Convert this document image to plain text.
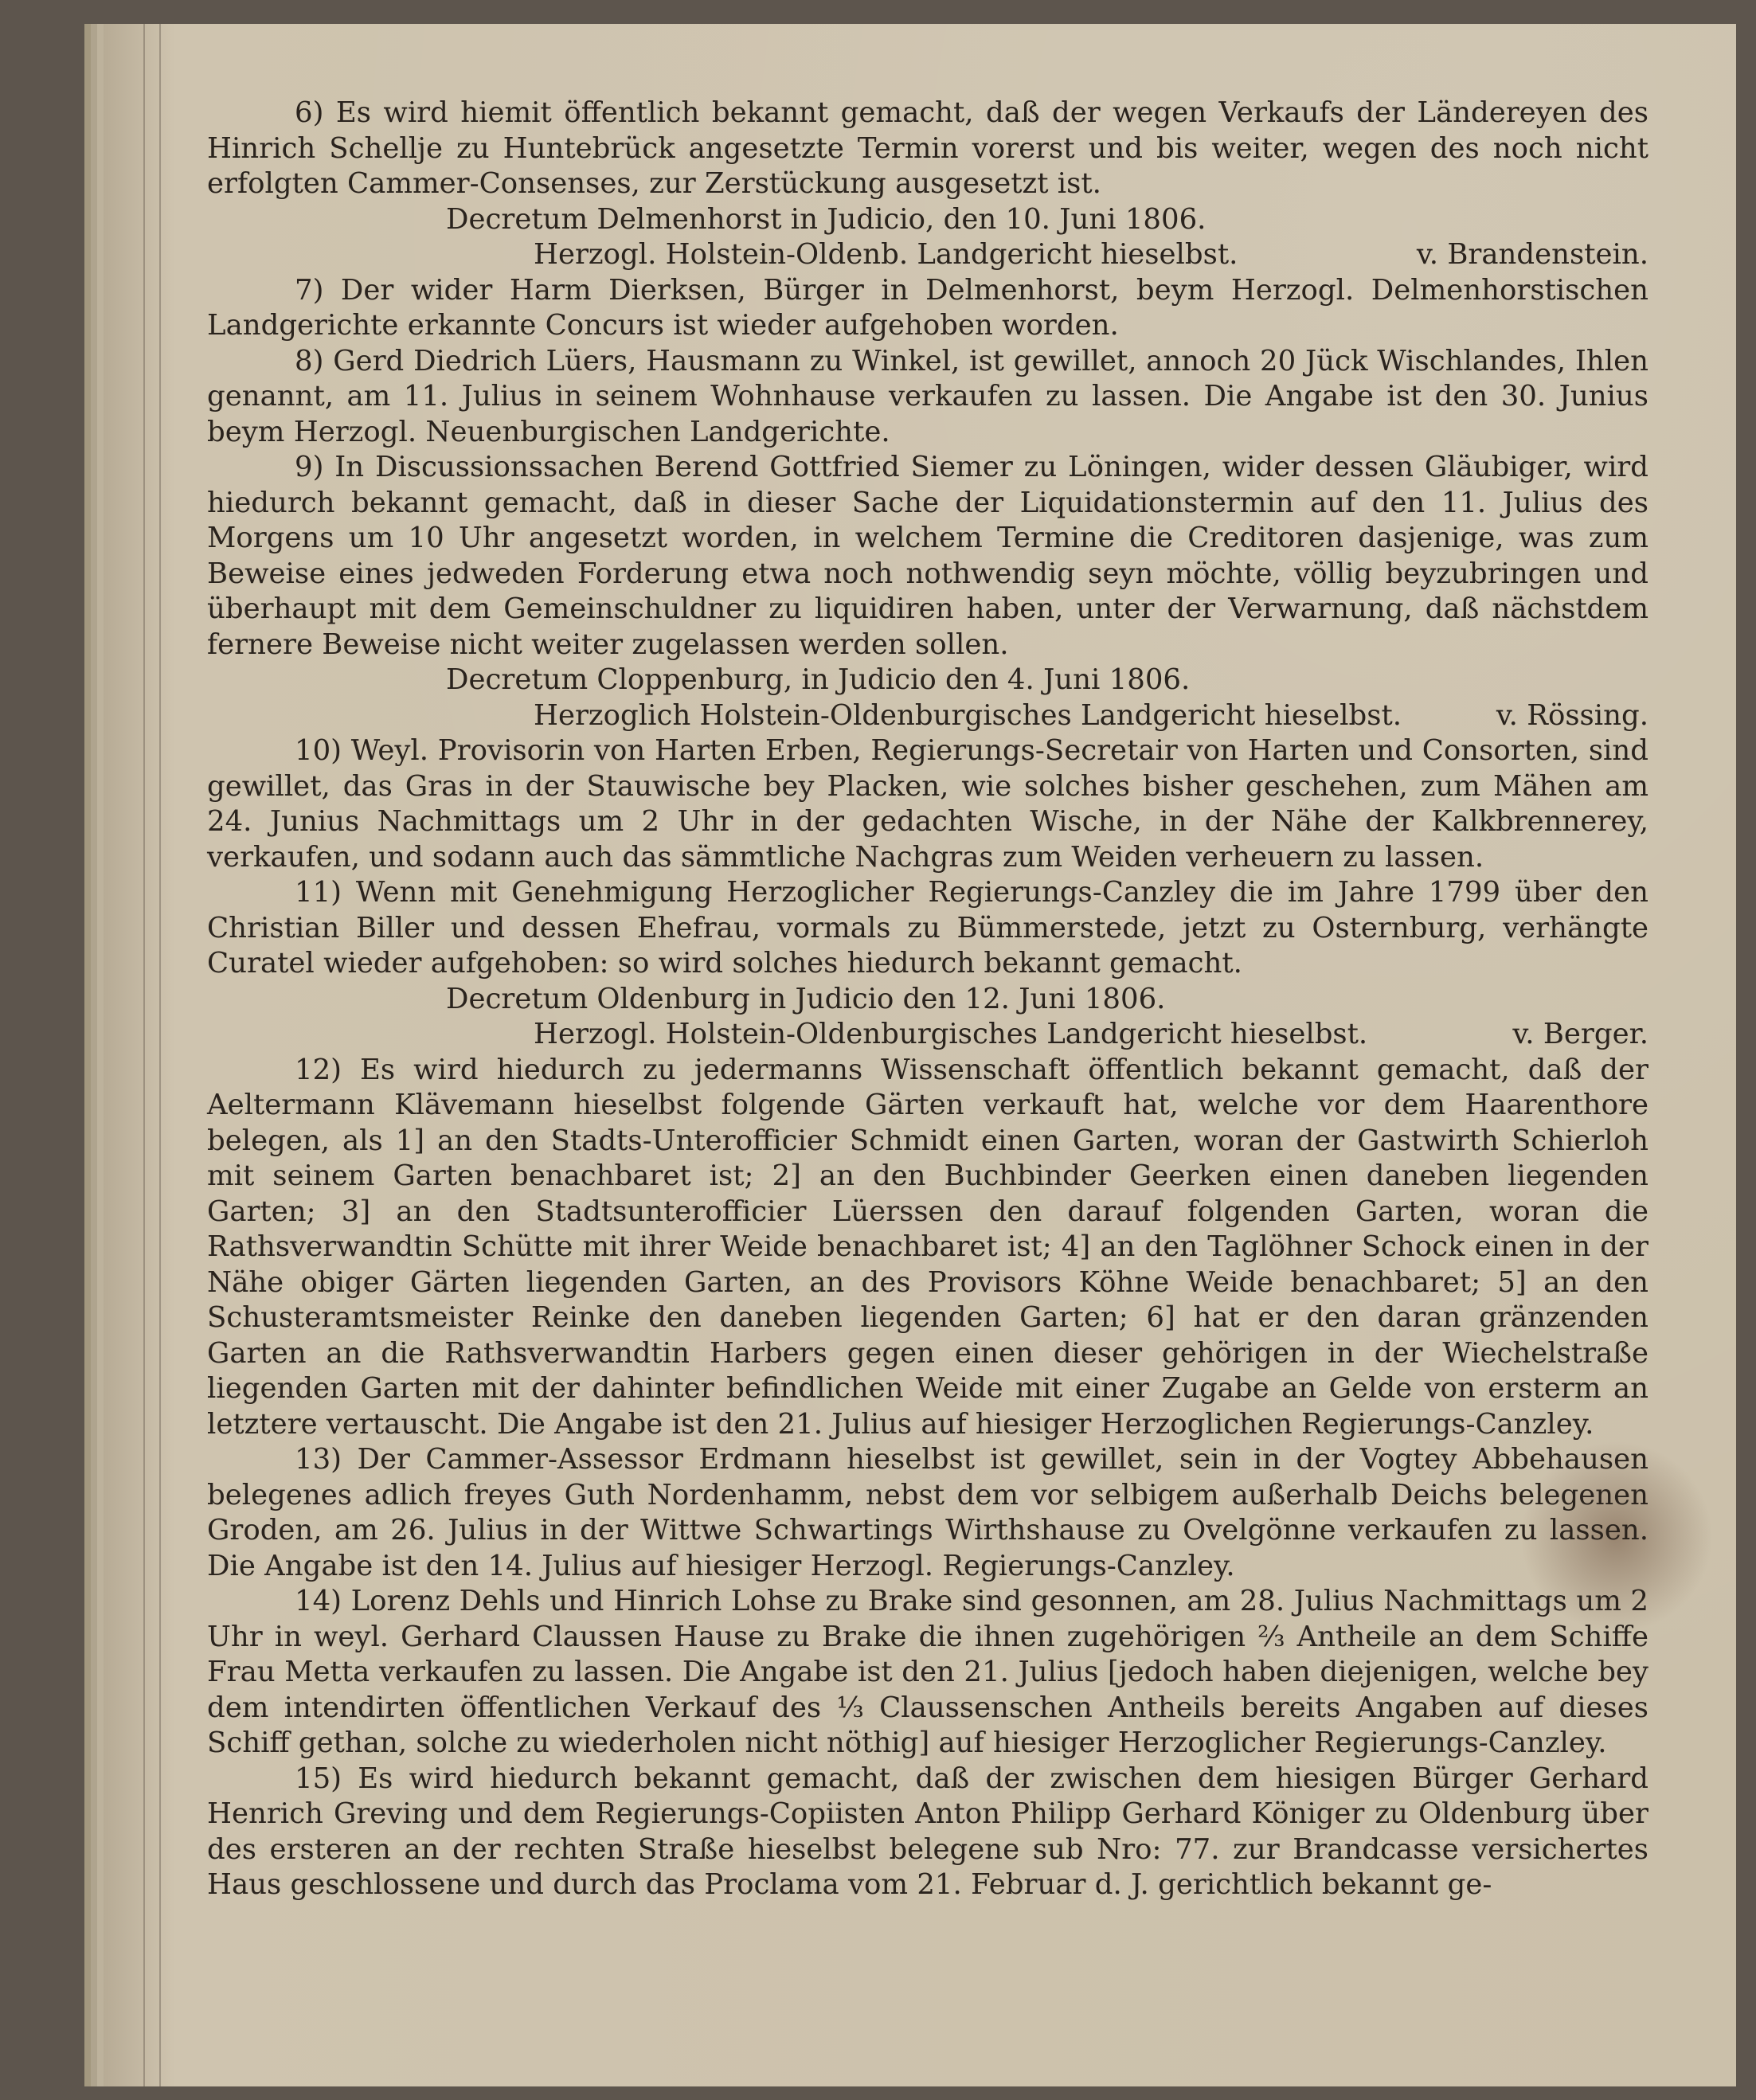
6) Es wird hiemit öffentlich bekannt gemacht, daß der wegen Verkaufs der Ländereyen des Hinrich Schellje zu Huntebrück angesetzte Termin vorerst und bis weiter, wegen des noch nicht erfolgten Cammer-Consenses, zur Zerstückung ausgesetzt ist.

Decretum Delmenhorst in Judicio, den 10. Juni 1806.

Herzogl. Holstein-Oldenb. Landgericht hieselbst.	v. Brandenstein.

7) Der wider Harm Dierksen, Bürger in Delmenhorst, beym Herzogl. Delmenhorstischen Landgerichte erkannte Concurs ist wieder aufgehoben worden.

8) Gerd Diedrich Lüers, Hausmann zu Winkel, ist gewillet, annoch 20 Jück Wischlandes, Ihlen genannt, am 11. Julius in seinem Wohnhause verkaufen zu lassen. Die Angabe ist den 30. Junius beym Herzogl. Neuenburgischen Landgerichte.

9) In Discussionssachen Berend Gottfried Siemer zu Löningen, wider dessen Gläubiger, wird hiedurch bekannt gemacht, daß in dieser Sache der Liquidationstermin auf den 11. Julius des Morgens um 10 Uhr angesetzt worden, in welchem Termine die Creditoren dasjenige, was zum Beweise eines jedweden Forderung etwa noch nothwendig seyn möchte, völlig beyzubringen und überhaupt mit dem Gemeinschuldner zu liquidiren haben, unter der Verwarnung, daß nächstdem fernere Beweise nicht weiter zugelassen werden sollen.

Decretum Cloppenburg, in Judicio den 4. Juni 1806.

Herzoglich Holstein-Oldenburgisches Landgericht hieselbst.	v. Rössing.

10) Weyl. Provisorin von Harten Erben, Regierungs-Secretair von Harten und Consorten, sind gewillet, das Gras in der Stauwische bey Placken, wie solches bisher geschehen, zum Mähen am 24. Junius Nachmittags um 2 Uhr in der gedachten Wische, in der Nähe der Kalkbrennerey, verkaufen, und sodann auch das sämmtliche Nachgras zum Weiden verheuern zu lassen.

11) Wenn mit Genehmigung Herzoglicher Regierungs-Canzley die im Jahre 1799 über den Christian Biller und dessen Ehefrau, vormals zu Bümmerstede, jetzt zu Osternburg, verhängte Curatel wieder aufgehoben: so wird solches hiedurch bekannt gemacht.

Decretum Oldenburg in Judicio den 12. Juni 1806.

Herzogl. Holstein-Oldenburgisches Landgericht hieselbst.	v. Berger.

12) Es wird hiedurch zu jedermanns Wissenschaft öffentlich bekannt gemacht, daß der Aeltermann Klävemann hieselbst folgende Gärten verkauft hat, welche vor dem Haarenthore belegen, als 1] an den Stadts-Unterofficier Schmidt einen Garten, woran der Gastwirth Schierloh mit seinem Garten benachbaret ist; 2] an den Buchbinder Geerken einen daneben liegenden Garten; 3] an den Stadtsunterofficier Lüerssen den darauf folgenden Garten, woran die Rathsverwandtin Schütte mit ihrer Weide benachbaret ist; 4] an den Taglöhner Schock einen in der Nähe obiger Gärten liegenden Garten, an des Provisors Köhne Weide benachbaret; 5] an den Schusteramtsmeister Reinke den daneben liegenden Garten; 6] hat er den daran gränzenden Garten an die Rathsverwandtin Harbers gegen einen dieser gehörigen in der Wiechelstraße liegenden Garten mit der dahinter befindlichen Weide mit einer Zugabe an Gelde von ersterm an letztere vertauscht. Die Angabe ist den 21. Julius auf hiesiger Herzoglichen Regierungs-Canzley.

13) Der Cammer-Assessor Erdmann hieselbst ist gewillet, sein in der Vogtey Abbehausen belegenes adlich freyes Guth Nordenhamm, nebst dem vor selbigem außerhalb Deichs belegenen Groden, am 26. Julius in der Wittwe Schwartings Wirthshause zu Ovelgönne verkaufen zu lassen. Die Angabe ist den 14. Julius auf hiesiger Herzogl. Regierungs-Canzley.

14) Lorenz Dehls und Hinrich Lohse zu Brake sind gesonnen, am 28. Julius Nachmittags um 2 Uhr in weyl. Gerhard Claussen Hause zu Brake die ihnen zugehörigen ⅔ Antheile an dem Schiffe Frau Metta verkaufen zu lassen. Die Angabe ist den 21. Julius [jedoch haben diejenigen, welche bey dem intendirten öffentlichen Verkauf des ⅓ Claussenschen Antheils bereits Angaben auf dieses Schiff gethan, solche zu wiederholen nicht nöthig] auf hiesiger Herzoglicher Regierungs-Canzley.

15) Es wird hiedurch bekannt gemacht, daß der zwischen dem hiesigen Bürger Gerhard Henrich Greving und dem Regierungs-Copiisten Anton Philipp Gerhard Königer zu Oldenburg über des ersteren an der rechten Straße hieselbst belegene sub Nro: 77. zur Brandcasse versichertes Haus geschlossene und durch das Proclama vom 21. Februar d. J. gerichtlich bekannt ge-
